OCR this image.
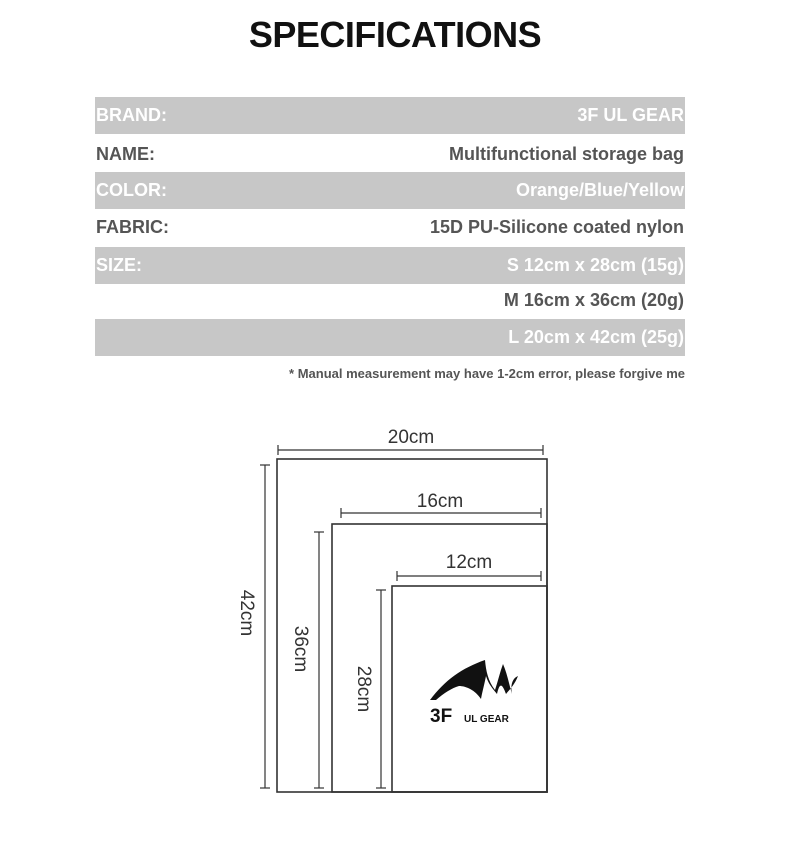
SPECIFICATIONS
BRAND:	3F UL GEAR
NAME:	Multifunctional storage bag
COLOR:	Orange/Blue/Yellow
FABRIC:	15D PU-Silicone coated nylon
SIZE:	S 12cm x 28cm (15g)
M 16cm x 36cm (20g)
L 20cm x 42cm (25g)
* Manual measurement may have 1-2cm error, please forgive me
20cm
16cm
12cm
42cm
36cm
28cm
3F UL GEAR
